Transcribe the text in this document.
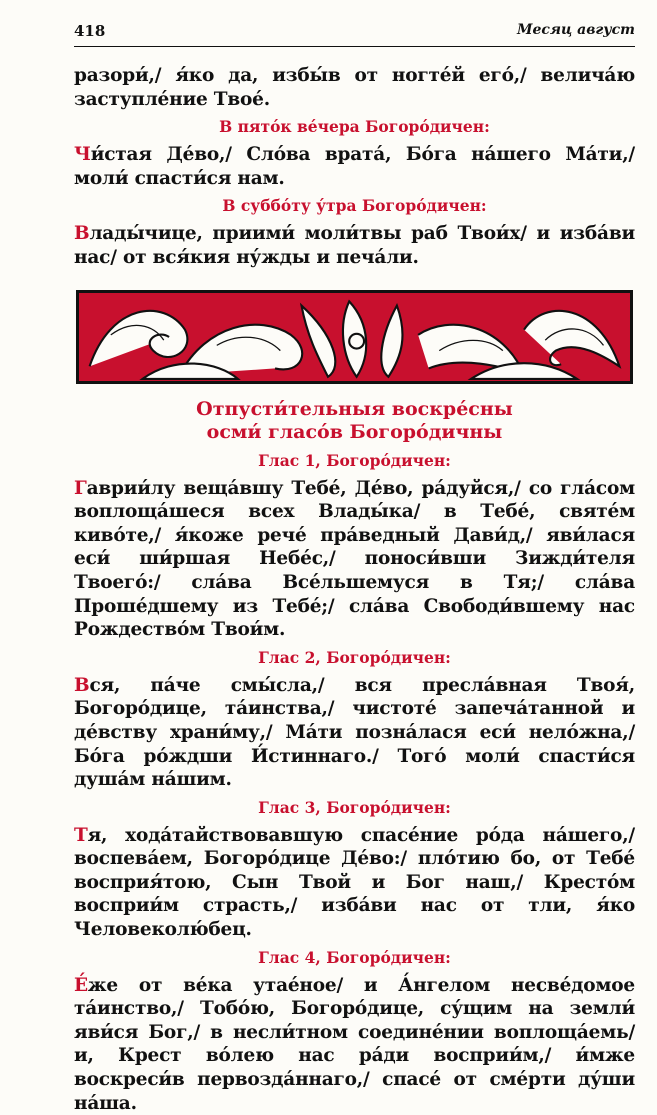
418	Месяц август

разори́,/ я́ко да, избы́в от ногте́й его́,/ велича́ю заступле́ние Твое́.

В пято́к ве́чера Богоро́дичен:

Чи́стая Де́во,/ Сло́ва врата́, Бо́га на́шего Ма́ти,/ моли́ спасти́ся нам.

В суббо́ту у́тра Богоро́дичен:

Влады́чице, приими́ моли́твы раб Твои́х/ и изба́ви нас/ от вся́кия ну́жды и печа́ли.

Отпусти́тельныя воскре́сны
осми́ гласо́в Богоро́дичны
Глас 1, Богоро́дичен:

Гаврии́лу веща́вшу Тебе́, Де́во, ра́дуйся,/ со гла́сом воплоща́шеся всех Влады́ка/ в Тебе́, святе́м киво́те,/ я́коже рече́ пра́ведный Дави́д,/ яви́лася еси́ ши́ршая Небе́с,/ поноси́вши Зижди́теля Твоего́:/ сла́ва Все́льшемуся в Тя;/ сла́ва Проше́дшему из Тебе́;/ сла́ва Свободи́вшему нас Рождество́м Твои́м.

Глас 2, Богоро́дичен:

Вся, па́че смы́сла,/ вся пресла́вная Твоя́, Богоро́дице, та́инства,/ чистоте́ запеча́танной и де́вству храни́му,/ Ма́ти позна́лася еси́ нело́жна,/ Бо́га ро́ждши И́стиннаго./ Того́ моли́ спасти́ся душа́м на́шим.

Глас 3, Богоро́дичен:

Тя, хода́тайствовавшую спасе́ние ро́да на́шего,/ воспева́ем, Богоро́дице Де́во:/ пло́тию бо, от Тебе́ восприя́тою, Сын Твой и Бог наш,/ Кресто́м восприи́м страсть,/ изба́ви нас от тли, я́ко Человеколю́бец.

Глас 4, Богоро́дичен:

Е́же от ве́ка утае́ное/ и А́нгелом несве́домое та́инство,/ Тобо́ю, Богоро́дице, су́щим на земли́ яви́ся Бог,/ в несли́тном соедине́нии воплоща́емь/ и, Крест во́лею нас ра́ди восприи́м,/ и́мже воскреси́в первозда́ннаго,/ спасе́ от сме́рти ду́ши на́ша.
